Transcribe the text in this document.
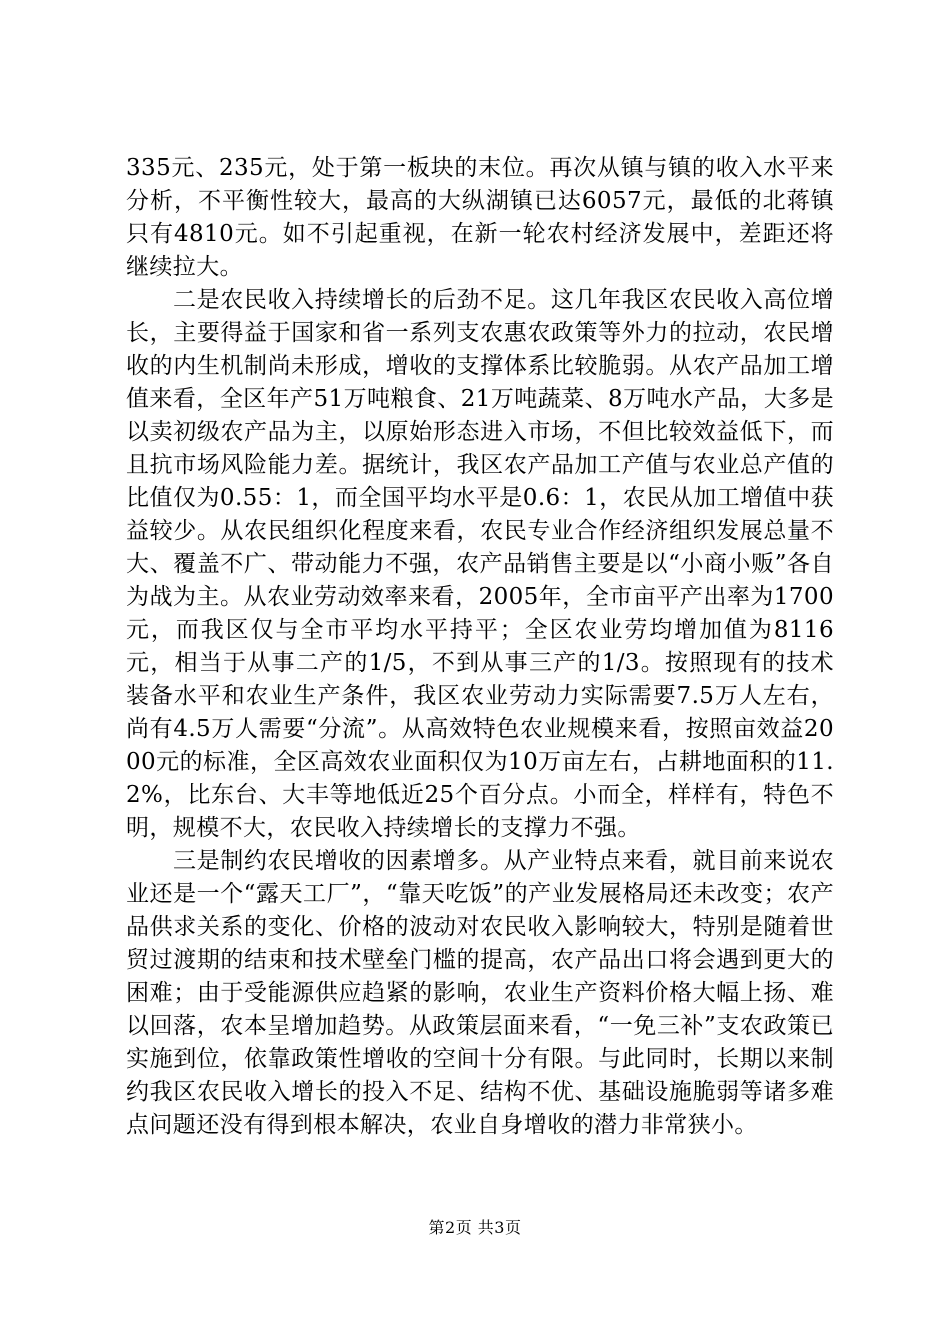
335元、235元，处于第一板块的末位。再次从镇与镇的收入水平来分析，不平衡性较大，最高的大纵湖镇已达6057元，最低的北蒋镇只有4810元。如不引起重视，在新一轮农村经济发展中，差距还将继续拉大。

二是农民收入持续增长的后劲不足。这几年我区农民收入高位增长，主要得益于国家和省一系列支农惠农政策等外力的拉动，农民增收的内生机制尚未形成，增收的支撑体系比较脆弱。从农产品加工增值来看，全区年产51万吨粮食、21万吨蔬菜、8万吨水产品，大多是以卖初级农产品为主，以原始形态进入市场，不但比较效益低下，而且抗市场风险能力差。据统计，我区农产品加工产值与农业总产值的比值仅为0.55：1，而全国平均水平是0.6：1，农民从加工增值中获益较少。从农民组织化程度来看，农民专业合作经济组织发展总量不大、覆盖不广、带动能力不强，农产品销售主要是以“小商小贩”各自为战为主。从农业劳动效率来看，2005年，全市亩平产出率为1700元，而我区仅与全市平均水平持平；全区农业劳均增加值为8116元，相当于从事二产的1/5，不到从事三产的1/3。按照现有的技术装备水平和农业生产条件，我区农业劳动力实际需要7.5万人左右，尚有4.5万人需要“分流”。从高效特色农业规模来看，按照亩效益2000元的标准，全区高效农业面积仅为10万亩左右，占耕地面积的11.2%，比东台、大丰等地低近25个百分点。小而全，样样有，特色不明，规模不大，农民收入持续增长的支撑力不强。

三是制约农民增收的因素增多。从产业特点来看，就目前来说农业还是一个“露天工厂”，“靠天吃饭”的产业发展格局还未改变；农产品供求关系的变化、价格的波动对农民收入影响较大，特别是随着世贸过渡期的结束和技术壁垒门槛的提高，农产品出口将会遇到更大的困难；由于受能源供应趋紧的影响，农业生产资料价格大幅上扬、难以回落，农本呈增加趋势。从政策层面来看，“一免三补”支农政策已实施到位，依靠政策性增收的空间十分有限。与此同时，长期以来制约我区农民收入增长的投入不足、结构不优、基础设施脆弱等诸多难点问题还没有得到根本解决，农业自身增收的潜力非常狭小。

第2页 共3页
